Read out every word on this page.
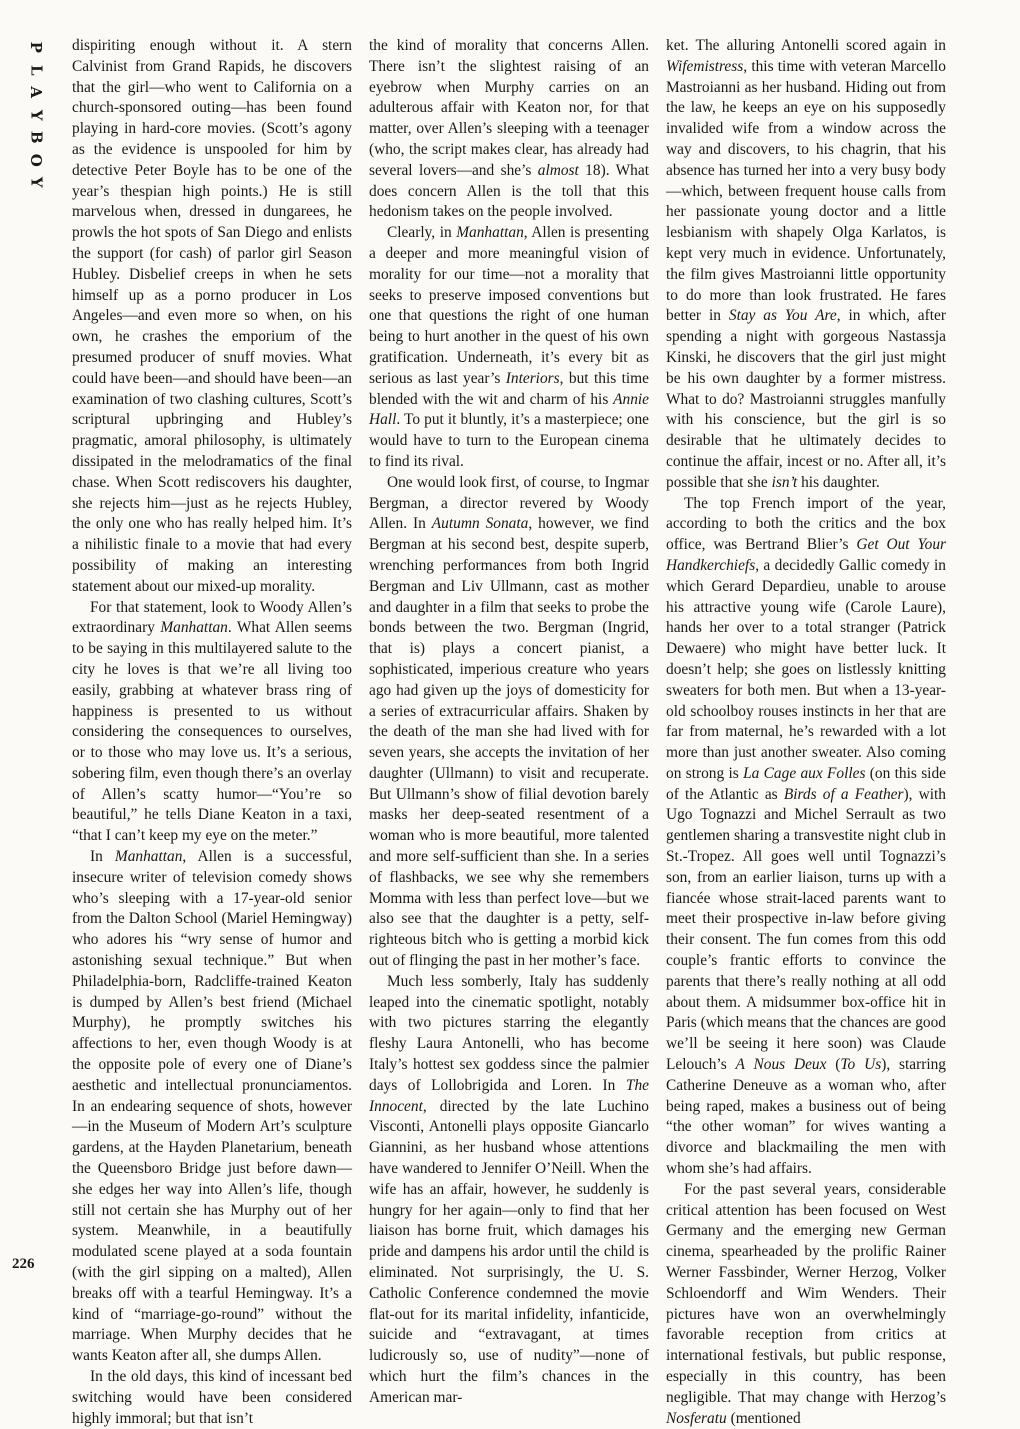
P
L
A
Y
B
O
Y

dispiriting enough without it. A stern Calvinist from Grand Rapids, he discovers that the girl—who went to California on a church-sponsored outing—has been found playing in hard-core movies. (Scott’s agony as the evidence is unspooled for him by detective Peter Boyle has to be one of the year’s thespian high points.) He is still marvelous when, dressed in dungarees, he prowls the hot spots of San Diego and enlists the support (for cash) of parlor girl Season Hubley. Disbelief creeps in when he sets himself up as a porno producer in Los Angeles—and even more so when, on his own, he crashes the emporium of the presumed producer of snuff movies. What could have been—and should have been—an examination of two clashing cultures, Scott’s scriptural upbringing and Hubley’s pragmatic, amoral philosophy, is ultimately dissipated in the melodramatics of the final chase. When Scott rediscovers his daughter, she rejects him—just as he rejects Hubley, the only one who has really helped him. It’s a nihilistic finale to a movie that had every possibility of making an interesting statement about our mixed-up morality.

For that statement, look to Woody Allen’s extraordinary Manhattan. What Allen seems to be saying in this multilayered salute to the city he loves is that we’re all living too easily, grabbing at whatever brass ring of happiness is presented to us without considering the consequences to ourselves, or to those who may love us. It’s a serious, sobering film, even though there’s an overlay of Allen’s scatty humor—“You’re so beautiful,” he tells Diane Keaton in a taxi, “that I can’t keep my eye on the meter.”

In Manhattan, Allen is a successful, insecure writer of television comedy shows who’s sleeping with a 17-year-old senior from the Dalton School (Mariel Hemingway) who adores his “wry sense of humor and astonishing sexual technique.” But when Philadelphia-born, Radcliffe-trained Keaton is dumped by Allen’s best friend (Michael Murphy), he promptly switches his affections to her, even though Woody is at the opposite pole of every one of Diane’s aesthetic and intellectual pronunciamentos. In an endearing sequence of shots, however—in the Museum of Modern Art’s sculpture gardens, at the Hayden Planetarium, beneath the Queensboro Bridge just before dawn—she edges her way into Allen’s life, though still not certain she has Murphy out of her system. Meanwhile, in a beautifully modulated scene played at a soda fountain (with the girl sipping on a malted), Allen breaks off with a tearful Hemingway. It’s a kind of “marriage-go-round” without the marriage. When Murphy decides that he wants Keaton after all, she dumps Allen.

In the old days, this kind of incessant bed switching would have been considered highly immoral; but that isn’t

the kind of morality that concerns Allen. There isn’t the slightest raising of an eyebrow when Murphy carries on an adulterous affair with Keaton nor, for that matter, over Allen’s sleeping with a teenager (who, the script makes clear, has already had several lovers—and she’s almost 18). What does concern Allen is the toll that this hedonism takes on the people involved.

Clearly, in Manhattan, Allen is presenting a deeper and more meaningful vision of morality for our time—not a morality that seeks to preserve imposed conventions but one that questions the right of one human being to hurt another in the quest of his own gratification. Underneath, it’s every bit as serious as last year’s Interiors, but this time blended with the wit and charm of his Annie Hall. To put it bluntly, it’s a masterpiece; one would have to turn to the European cinema to find its rival.

One would look first, of course, to Ingmar Bergman, a director revered by Woody Allen. In Autumn Sonata, however, we find Bergman at his second best, despite superb, wrenching performances from both Ingrid Bergman and Liv Ullmann, cast as mother and daughter in a film that seeks to probe the bonds between the two. Bergman (Ingrid, that is) plays a concert pianist, a sophisticated, imperious creature who years ago had given up the joys of domesticity for a series of extracurricular affairs. Shaken by the death of the man she had lived with for seven years, she accepts the invitation of her daughter (Ullmann) to visit and recuperate. But Ullmann’s show of filial devotion barely masks her deep-seated resentment of a woman who is more beautiful, more talented and more self-sufficient than she. In a series of flashbacks, we see why she remembers Momma with less than perfect love—but we also see that the daughter is a petty, self-righteous bitch who is getting a morbid kick out of flinging the past in her mother’s face.

Much less somberly, Italy has suddenly leaped into the cinematic spotlight, notably with two pictures starring the elegantly fleshy Laura Antonelli, who has become Italy’s hottest sex goddess since the palmier days of Lollobrigida and Loren. In The Innocent, directed by the late Luchino Visconti, Antonelli plays opposite Giancarlo Giannini, as her husband whose attentions have wandered to Jennifer O’Neill. When the wife has an affair, however, he suddenly is hungry for her again—only to find that her liaison has borne fruit, which damages his pride and dampens his ardor until the child is eliminated. Not surprisingly, the U. S. Catholic Conference condemned the movie flat-out for its marital infidelity, infanticide, suicide and “extravagant, at times ludicrously so, use of nudity”—none of which hurt the film’s chances in the American mar-

ket. The alluring Antonelli scored again in Wifemistress, this time with veteran Marcello Mastroianni as her husband. Hiding out from the law, he keeps an eye on his supposedly invalided wife from a window across the way and discovers, to his chagrin, that his absence has turned her into a very busy body—which, between frequent house calls from her passionate young doctor and a little lesbianism with shapely Olga Karlatos, is kept very much in evidence. Unfortunately, the film gives Mastroianni little opportunity to do more than look frustrated. He fares better in Stay as You Are, in which, after spending a night with gorgeous Nastassja Kinski, he discovers that the girl just might be his own daughter by a former mistress. What to do? Mastroianni struggles manfully with his conscience, but the girl is so desirable that he ultimately decides to continue the affair, incest or no. After all, it’s possible that she isn’t his daughter.

The top French import of the year, according to both the critics and the box office, was Bertrand Blier’s Get Out Your Handkerchiefs, a decidedly Gallic comedy in which Gerard Depardieu, unable to arouse his attractive young wife (Carole Laure), hands her over to a total stranger (Patrick Dewaere) who might have better luck. It doesn’t help; she goes on listlessly knitting sweaters for both men. But when a 13-year-old schoolboy rouses instincts in her that are far from maternal, he’s rewarded with a lot more than just another sweater. Also coming on strong is La Cage aux Folles (on this side of the Atlantic as Birds of a Feather), with Ugo Tognazzi and Michel Serrault as two gentlemen sharing a transvestite night club in St.-Tropez. All goes well until Tognazzi’s son, from an earlier liaison, turns up with a fiancée whose strait-laced parents want to meet their prospective in-law before giving their consent. The fun comes from this odd couple’s frantic efforts to convince the parents that there’s really nothing at all odd about them. A midsummer box-office hit in Paris (which means that the chances are good we’ll be seeing it here soon) was Claude Lelouch’s A Nous Deux (To Us), starring Catherine Deneuve as a woman who, after being raped, makes a business out of being “the other woman” for wives wanting a divorce and blackmailing the men with whom she’s had affairs.

For the past several years, considerable critical attention has been focused on West Germany and the emerging new German cinema, spearheaded by the prolific Rainer Werner Fassbinder, Werner Herzog, Volker Schloendorff and Wim Wenders. Their pictures have won an overwhelmingly favorable reception from critics at international festivals, but public response, especially in this country, has been negligible. That may change with Herzog’s Nosferatu (mentioned

226
